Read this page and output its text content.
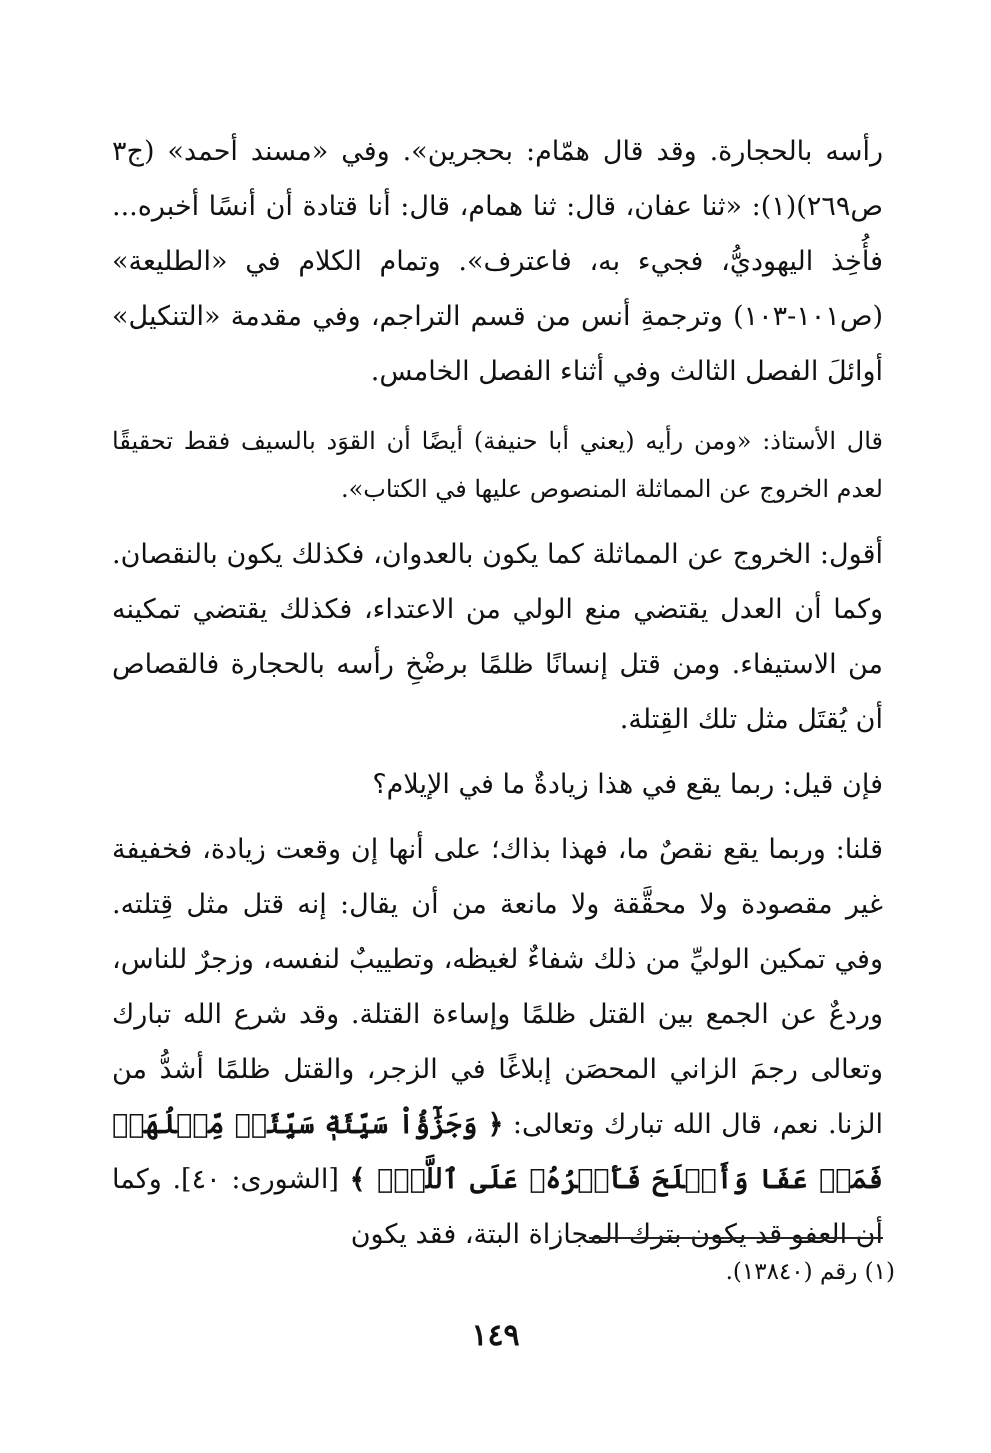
رأسه بالحجارة. وقد قال همّام: بحجرين». وفي «مسند أحمد» (ج٣ ص٢٦٩)(١): «ثنا عفان، قال: ثنا همام، قال: أنا قتادة أن أنسًا أخبره... فأُخِذ اليهوديُّ، فجيء به، فاعترف». وتمام الكلام في «الطليعة» (ص١٠١-١٠٣) وترجمةِ أنس من قسم التراجم، وفي مقدمة «التنكيل» أوائلَ الفصل الثالث وفي أثناء الفصل الخامس.

قال الأستاذ: «ومن رأيه (يعني أبا حنيفة) أيضًا أن القوَد بالسيف فقط تحقيقًا لعدم الخروج عن المماثلة المنصوص عليها في الكتاب».

أقول: الخروج عن المماثلة كما يكون بالعدوان، فكذلك يكون بالنقصان. وكما أن العدل يقتضي منع الولي من الاعتداء، فكذلك يقتضي تمكينه من الاستيفاء. ومن قتل إنسانًا ظلمًا برضْخِ رأسه بالحجارة فالقصاص أن يُقتَل مثل تلك القِتلة.

فإن قيل: ربما يقع في هذا زيادةٌ ما في الإيلام؟

قلنا: وربما يقع نقصٌ ما، فهذا بذاك؛ على أنها إن وقعت زيادة، فخفيفة غير مقصودة ولا محقَّقة ولا مانعة من أن يقال: إنه قتل مثل قِتلته. وفي تمكين الوليِّ من ذلك شفاءٌ لغيظه، وتطييبٌ لنفسه، وزجرٌ للناس، وردعٌ عن الجمع بين القتل ظلمًا وإساءة القتلة. وقد شرع الله تبارك وتعالى رجمَ الزاني المحصَن إبلاغًا في الزجر، والقتل ظلمًا أشدُّ من الزنا. نعم، قال الله تبارك وتعالى: ﴿ وَجَزَٰٓؤُاْ سَيِّئَةٖ سَيِّئَةٞ مِّثۡلُهَاۖ فَمَنۡ عَفَا وَأَصۡلَحَ فَأَجۡرُهُۥ عَلَى ٱللَّهِۚ ﴾ [الشورى: ٤٠]. وكما أن العفو قد يكون بترك المجازاة البتة، فقد يكون

(١) رقم (١٣٨٤٠).

١٤٩
